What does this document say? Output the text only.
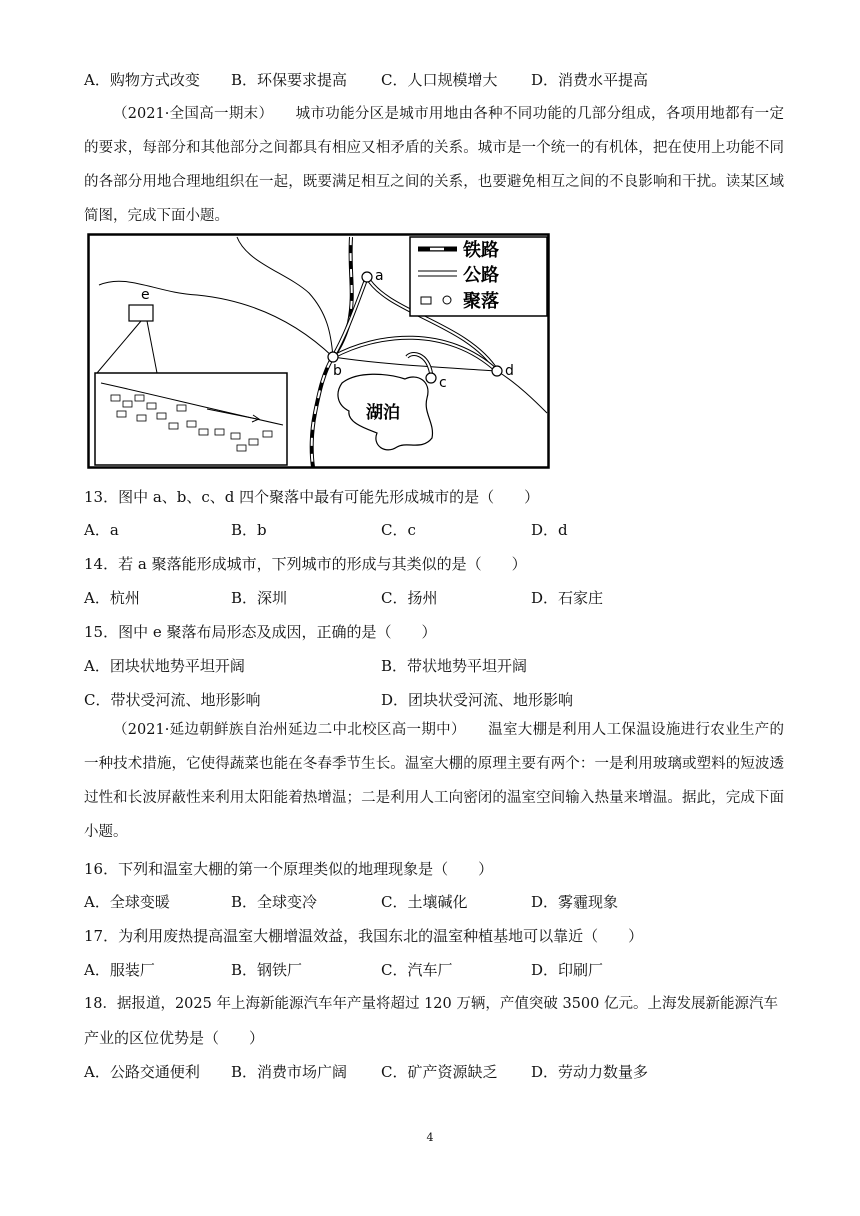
A．购物方式改变 B．环保要求提高 C．人口规模增大 D．消费水平提高
（2021·全国高一期末）　　城市功能分区是城市用地由各种不同功能的几部分组成，各项用地都有一定的要求，每部分和其他部分之间都具有相应又相矛盾的关系。城市是一个统一的有机体，把在使用上功能不同的各部分用地合理地组织在一起，既要满足相互之间的关系，也要避免相互之间的不良影响和干扰。读某区域简图，完成下面小题。
湖泊
a
b
c
d
e
铁路
公路
聚落
13．图中 a、b、c、d 四个聚落中最有可能先形成城市的是（　　）
A．a	B．b	C．c	D．d
14．若 a 聚落能形成城市，下列城市的形成与其类似的是（　　）
A．杭州	B．深圳	C．扬州	D．石家庄
15．图中 e 聚落布局形态及成因，正确的是（　　）
A．团块状地势平坦开阔	B．带状地势平坦开阔
C．带状受河流、地形影响	D．团块状受河流、地形影响
（2021·延边朝鲜族自治州延边二中北校区高一期中）　　温室大棚是利用人工保温设施进行农业生产的一种技术措施，它使得蔬菜也能在冬春季节生长。温室大棚的原理主要有两个：一是利用玻璃或塑料的短波透过性和长波屏蔽性来利用太阳能着热增温；二是利用人工向密闭的温室空间输入热量来增温。据此，完成下面小题。
16．下列和温室大棚的第一个原理类似的地理现象是（　　）
A．全球变暖	B．全球变冷	C．土壤碱化	D．雾霾现象
17．为利用废热提高温室大棚增温效益，我国东北的温室种植基地可以靠近（　　）
A．服装厂	B．钢铁厂	C．汽车厂	D．印刷厂
18．据报道，2025 年上海新能源汽车年产量将超过 120 万辆，产值突破 3500 亿元。上海发展新能源汽车
产业的区位优势是（　　）
A．公路交通便利 B．消费市场广阔 C．矿产资源缺乏 D．劳动力数量多
4
